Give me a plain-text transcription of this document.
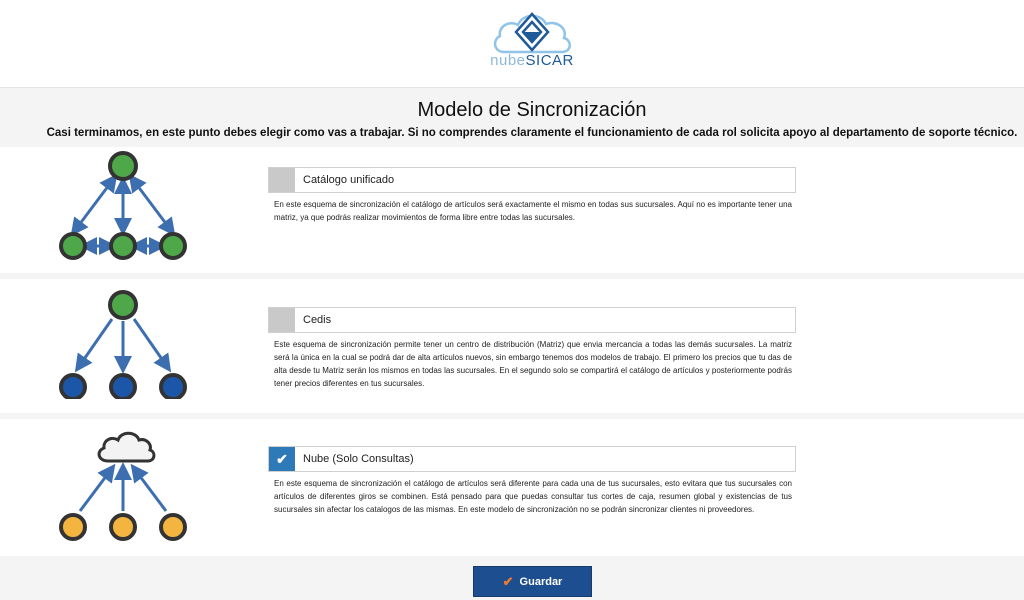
nubeSICAR
Modelo de Sincronización
Casi terminamos, en este punto debes elegir como vas a trabajar. Si no comprendes claramente el funcionamiento de cada rol solicita apoyo al departamento de soporte técnico.
Catálogo unificado
En este esquema de sincronización el catálogo de artículos será exactamente el mismo en todas sus sucursales. Aquí no es importante tener una matriz, ya que podrás realizar movimientos de forma libre entre todas las sucursales.
Cedis
Este esquema de sincronización permite tener un centro de distribución (Matriz) que envia mercancia a todas las demás sucursales. La matriz será la única en la cual se podrá dar de alta artículos nuevos, sin embargo tenemos dos modelos de trabajo. El primero los precios que tu das de alta desde tu Matriz serán los mismos en todas las sucursales. En el segundo solo se compartirá el catálogo de artículos y posteriormente podrás tener precios diferentes en tus sucursales.
✔	Nube (Solo Consultas)
En este esquema de sincronización el catálogo de artículos será diferente para cada una de tus sucursales, esto evitara que tus sucursales con artículos de diferentes giros se combinen. Está pensado para que puedas consultar tus cortes de caja, resumen global y existencias de tus sucursales sin afectar los catalogos de las mismas. En este modelo de sincronización no se podrán sincronizar clientes ni proveedores.
✔ Guardar
